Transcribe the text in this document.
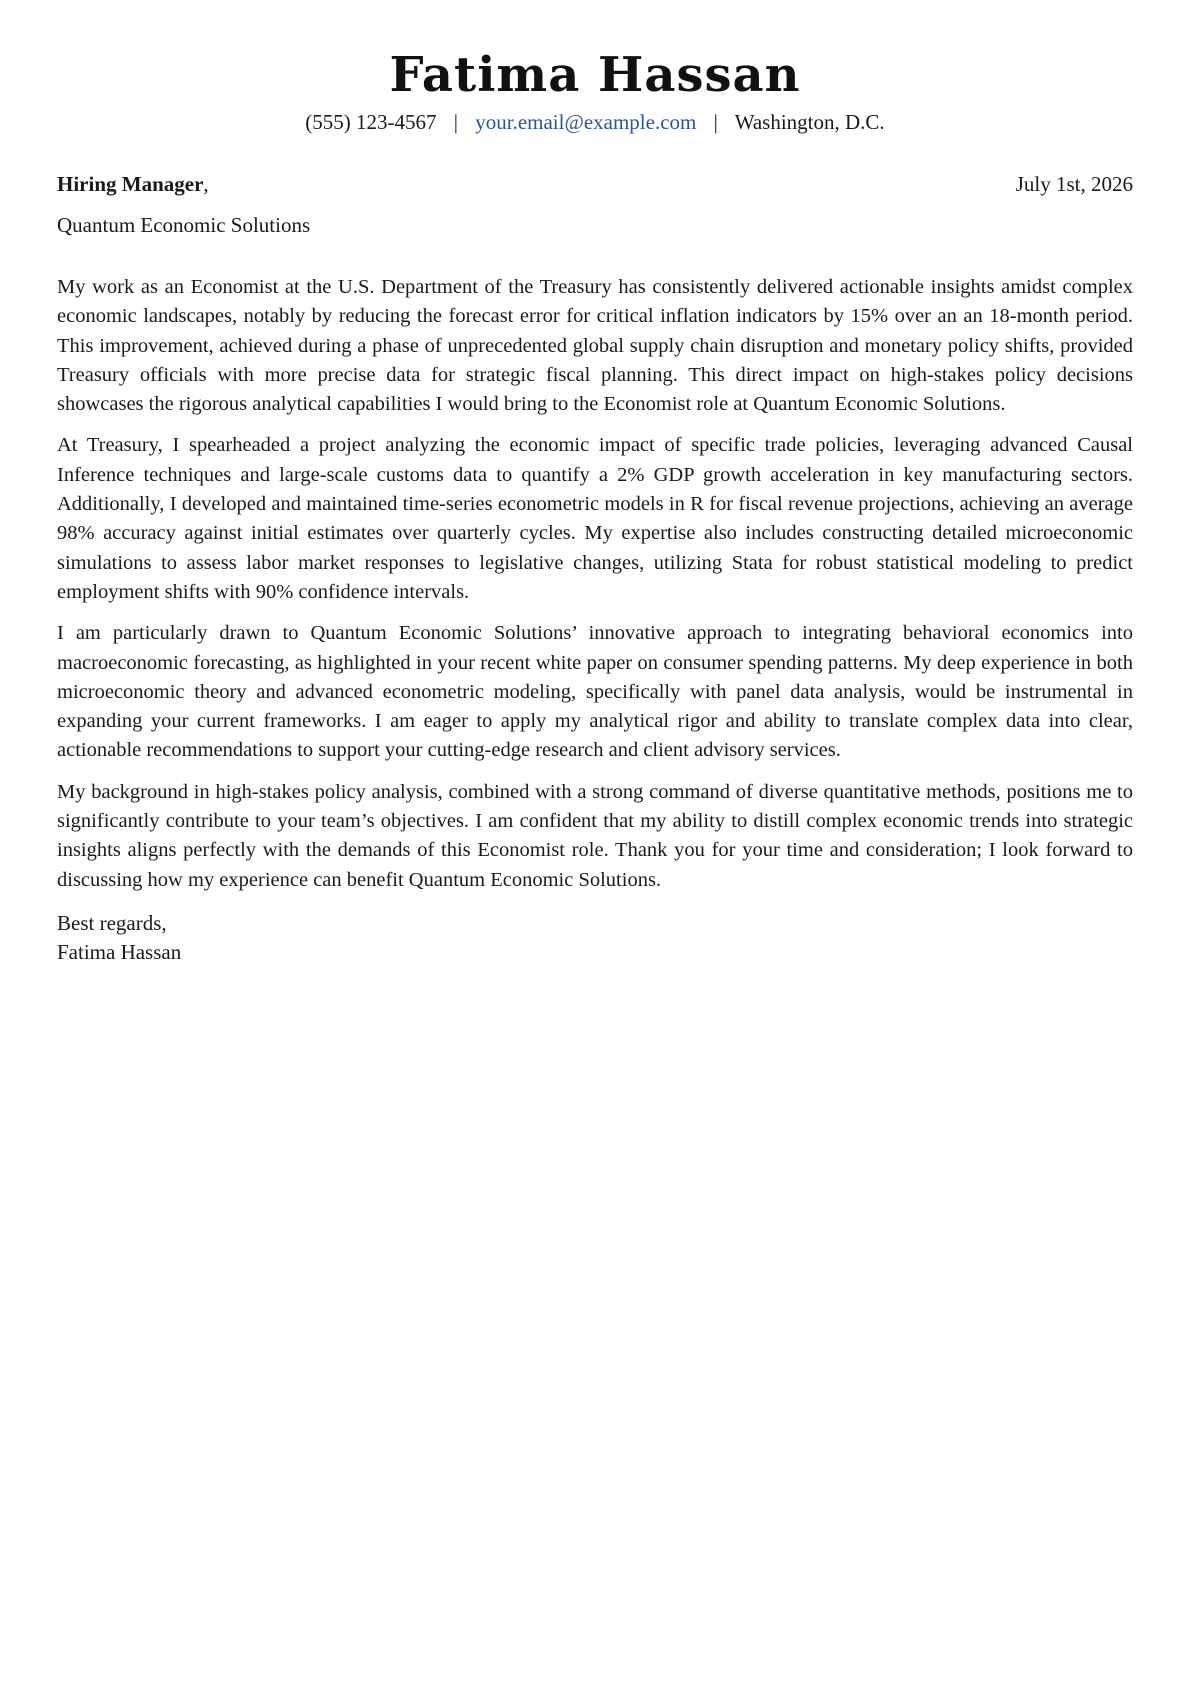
Fatima Hassan
(555) 123-4567 | your.email@example.com | Washington, D.C.
Hiring Manager,	July 1st, 2026
Quantum Economic Solutions

My work as an Economist at the U.S. Department of the Treasury has consistently delivered actionable insights amidst complex economic landscapes, notably by reducing the forecast error for critical inflation indicators by 15% over an an 18-month period. This improvement, achieved during a phase of unprecedented global supply chain disruption and monetary policy shifts, provided Treasury officials with more precise data for strategic fiscal planning. This direct impact on high-stakes policy decisions showcases the rigorous analytical capabilities I would bring to the Economist role at Quantum Economic Solutions.

At Treasury, I spearheaded a project analyzing the economic impact of specific trade policies, leveraging advanced Causal Inference techniques and large-scale customs data to quantify a 2% GDP growth acceleration in key manufacturing sectors. Additionally, I developed and maintained time-series econometric models in R for fiscal revenue projections, achieving an average 98% accuracy against initial estimates over quarterly cycles. My expertise also includes constructing detailed microeconomic simulations to assess labor market responses to legislative changes, utilizing Stata for robust statistical modeling to predict employment shifts with 90% confidence intervals.

I am particularly drawn to Quantum Economic Solutions’ innovative approach to integrating behavioral economics into macroeconomic forecasting, as highlighted in your recent white paper on consumer spending patterns. My deep experience in both microeconomic theory and advanced econometric modeling, specifically with panel data analysis, would be instrumental in expanding your current frameworks. I am eager to apply my analytical rigor and ability to translate complex data into clear, actionable recommendations to support your cutting-edge research and client advisory services.

My background in high-stakes policy analysis, combined with a strong command of diverse quantitative methods, positions me to significantly contribute to your team’s objectives. I am confident that my ability to distill complex economic trends into strategic insights aligns perfectly with the demands of this Economist role. Thank you for your time and consideration; I look forward to discussing how my experience can benefit Quantum Economic Solutions.

Best regards,
Fatima Hassan
